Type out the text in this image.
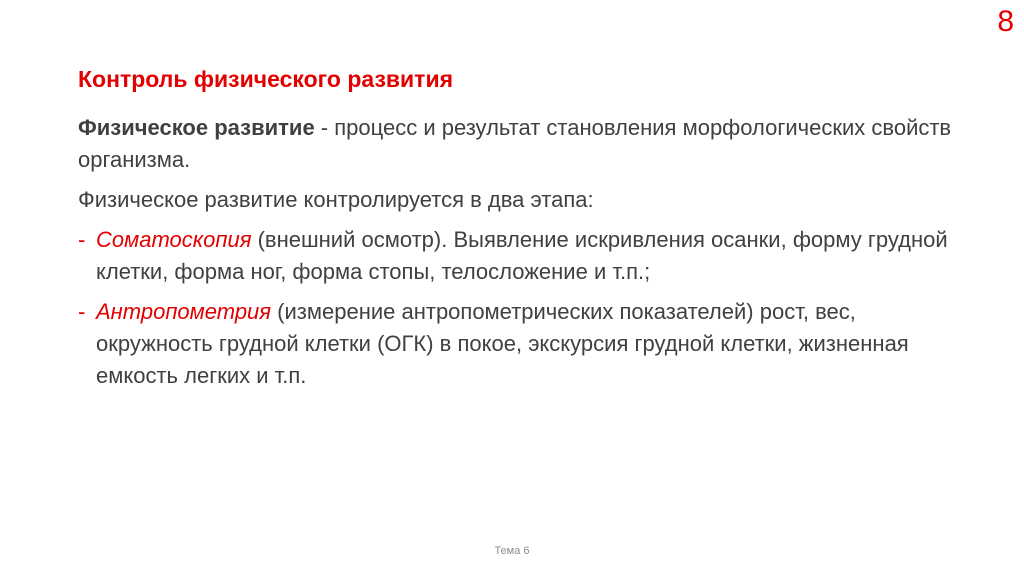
8
Контроль физического развития

Физическое развитие - процесс и результат становления морфологических свойств организма.

Физическое развитие контролируется в два этапа:

- Соматоскопия (внешний осмотр). Выявление искривления осанки, форму грудной клетки, форма ног, форма стопы, телосложение и т.п.;
- Антропометрия (измерение антропометрических показателей) рост, вес, окружность грудной клетки (ОГК) в покое, экскурсия грудной клетки, жизненная емкость легких и т.п.
Тема 6
